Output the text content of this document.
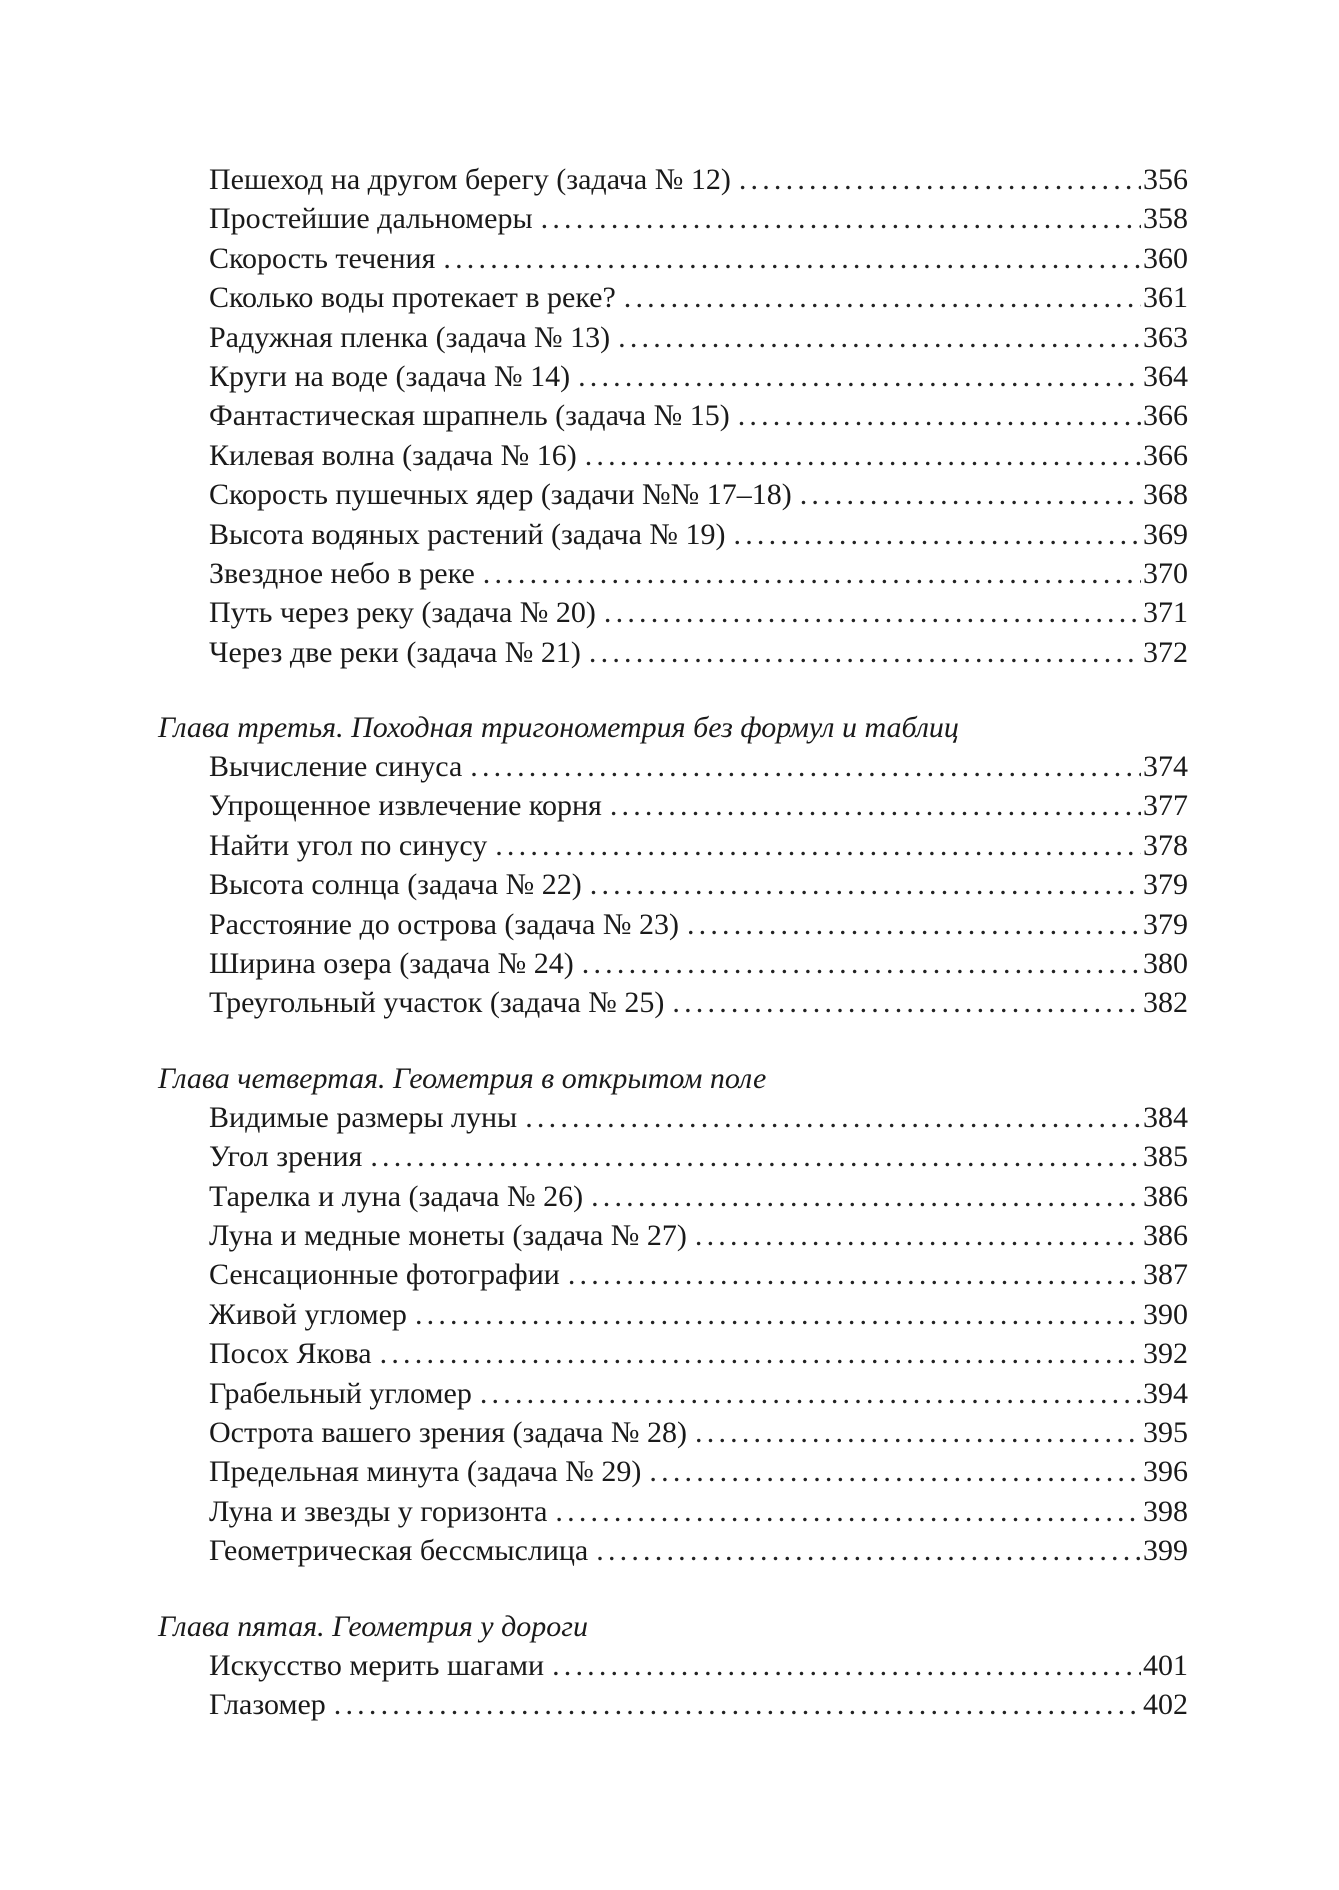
Пешеход на другом берегу (задача № 12) .....	356
Простейшие дальномеры .....	358
Скорость течения .....	360
Сколько воды протекает в реке? .....	361
Радужная пленка (задача № 13) .....	363
Круги на воде (задача № 14) .....	364
Фантастическая шрапнель (задача № 15) .....	366
Килевая волна (задача № 16) .....	366
Скорость пушечных ядер (задачи №№ 17–18) .....	368
Высота водяных растений (задача № 19) .....	369
Звездное небо в реке .....	370
Путь через реку (задача № 20) .....	371
Через две реки (задача № 21) .....	372
Глава третья. Походная тригонометрия без формул и таблиц
Вычисление синуса .....	374
Упрощенное извлечение корня .....	377
Найти угол по синусу .....	378
Высота солнца (задача № 22) .....	379
Расстояние до острова (задача № 23) .....	379
Ширина озера (задача № 24) .....	380
Треугольный участок (задача № 25) .....	382
Глава четвертая. Геометрия в открытом поле
Видимые размеры луны .....	384
Угол зрения .....	385
Тарелка и луна (задача № 26) .....	386
Луна и медные монеты (задача № 27) .....	386
Сенсационные фотографии .....	387
Живой угломер .....	390
Посох Якова .....	392
Грабельный угломер .....	394
Острота вашего зрения (задача № 28) .....	395
Предельная минута (задача № 29) .....	396
Луна и звезды у горизонта .....	398
Геометрическая бессмыслица .....	399
Глава пятая. Геометрия у дороги
Искусство мерить шагами .....	401
Глазомер .....	402
